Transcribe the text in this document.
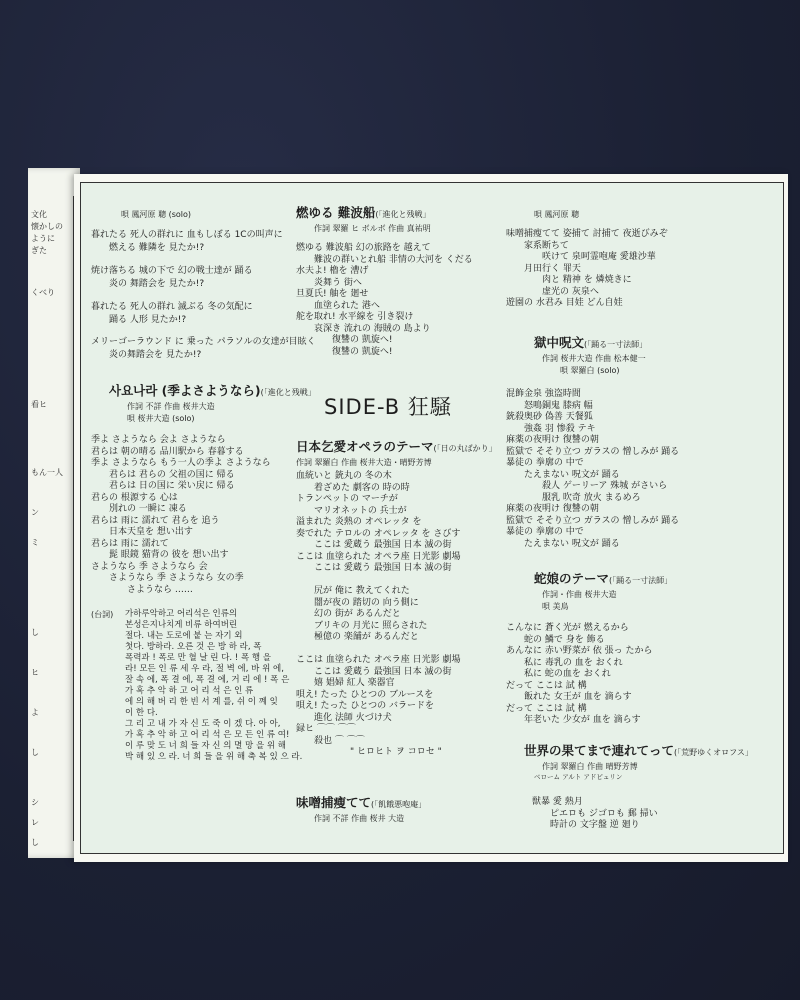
文化
懐かしの
ように
ぎた
くべり
看ヒ
もん一人
ン
ミ
し
ヒ
よ
し
シ
レ
し

唄 鳳河原 聰 (solo)

暮れたる 死人の群れに 血もしぼる 1Cの叫声に

燃える 難隣を 見たか!?

焼け落ちる 城の下で 幻の戦士達が 踊る

炎の 舞踏会を 見たか!?

暮れたる 死人の群れ 滅ぶる 冬の気配に

踊る 人形 見たか!?

メリーゴーラウンド に 乗った パラソルの女達が目眩く

炎の舞踏会を 見たか!?

사요나라 (季よさようなら)(「進化と残戦」

作詞 不詳 作曲 桜井大造

唄 桜井大造 (solo)

季よ さようなら 会よ さようなら

君らは 朝の晴る 品川駅から 春暮する

季よ さようなら もう一人の季よ さようなら

君らは 君らの 父祖の国に 帰る

君らは 日の国に 栄い戻に 帰る

君らの 根源する 心は

別れの 一瞬に 凍る

君らは 雨に 濡れて 君らを 追う

日本天皇を 想い出す

君らは 雨に 濡れて

髭 眼鏡 猫背の 彼を 想い出す

さようなら 季 さようなら 会

さようなら 季 さようなら 女の季

さようなら ……

(台詞) 가하루악하고 어리석은 인류의

본성은지나치게 비류 하여버린

절다. 내는 도로에 붙 는 자기 외

첫다. 방하라. 오른 것 은 방 하 라, 폭

폭력과 ! 폭로 만 혈 날 린 다. ! 폭 행 을

라! 모든 인 류 세 우 라, 절 벽 에, 바 위 에,

잘 속 에, 폭 결 에, 폭 결 에, 거 리 에 ! 폭 은

가 혹 추 악 하 고 어 리 석 은 인 류

에 의 해 버 리 한 빈 서 계 를, 쉬 이 꼐 잊

이 한 다.

그 리 고 내 가 자 신 도 죽 이 겠 다. 아 아,

가 혹 추 악 하 고 어 리 석 은 모 든 인 류 여!

이 루 맞 도 너 희 들 자 신 의 멸 망 을 위 해

박 해 있 으 라. 너 희 들 을 위 해 축 복 있 으 라.

燃ゆる 難波船(「進化と残戦」

作詞 翠羅 ヒ ボルボ 作曲 真祐明

燃ゆる 難波船 幻の旅路を 越えて

難波の群いとれ船 非情の大河を くだる

水夫よ! 櫓を 漕げ

炎舞う 街へ

旦夏氏! 舳を 廻せ

血塗られた 港へ

舵を取れ! 水平線を 引き裂け

哀深き 流れの 海賊の 島より

復讐の 凱旋へ!

復讐の 凱旋へ!

SIDE-B 狂騒

日本乞愛オペラのテーマ(「日の丸ばかり」

作詞 翠羅白 作曲 桜井大造・晴野芳博

血統いと 銃丸の 冬の木

着ざめた 劇客の 時の時

トランペットの マーチが

マリオネットの 兵士が

溢まれた 炎熱の オペレッタ を

奏でれた テロルの オペレッタ を さびす

ここは 愛蔵う 最強国 日本 滅の街

ここは 血塗られた オペラ座 日光影 劇場

ここは 愛蔵う 最強国 日本 滅の街

尻が 俺に 教えてくれた

闇が夜の 踏切の 向う側に

幻の 街が あるんだと

ブリキの 月光に 照らされた

極億の 楽舗が あるんだと

ここは 血塗られた オペラ座 日光影 劇場

ここは 愛蔵う 最強国 日本 滅の街

嬉 娼婦 紅人 楽器官

唄え! たった ひとつの ブルースを

唄え! たった ひとつの バラードを

進化 法師 火づけ犬

録ヒ ⌒⌒ ⌒⌒

殺也 ⌒ ⌒⌒

" ヒロヒト ヲ コロセ "

味噌捕瘦てて(「飢餓悪咆庵」

作詞 不詳 作曲 桜井 大造

唄 鳳河原 聰

味噌捕瘦てて 姿捕て 討捕て 夜逝びみぞ

家系断ちて

咲けて 泉呵霊咆庵 愛雄沙華

月田行く 罪天

肉と 精神 を 燐焼きに

虚光の 灰泉へ

遊園の 水君み 目娃 どん自娃

獄中呪文(「踊る一寸法師」

作詞 桜井大造 作曲 松本健一

唄 翠羅白 (solo)

混飾金泉 強盗時間

怒鳴銅鬼 膝病 幅

銃殺奥砂 偽善 天餐狐

強姦 羽 惨殺 テキ

麻薬の夜明け 復讐の朝

監獄で そそり立つ ガラスの 憎しみが 踊る

暴徒の 拳廓の 中で

たえまない 呪文が 踊る

殺人 ゲーリーア 殊城 がさいら

服乳 吹奇 放火 まるめろ

麻薬の夜明け 復讐の朝

監獄で そそり立つ ガラスの 憎しみが 踊る

暴徒の 拳廓の 中で

たえまない 呪文が 踊る

蛇娘のテーマ(「踊る一寸法師」

作詞・作曲 桜井大造

唄 美鳥

こんなに 蒼く光が 燃えるから

蛇の 鱗で 身を 飾る

あんなに 赤い野菜が 依 張っ たから

私に 毒乳の 血を おくれ

私に 蛇の血を おくれ

だって ここは 試 構

飯れた 女王が 血を 滴らす

だって ここは 試 構

年老いた 少女が 血を 滴らす

世界の果てまで連れてって(「荒野ゆくオロフス」

作詞 翠羅白 作曲 晴野芳博

ベローム アルト アドピュリン

獣暴 愛 熱月

ピエロも ジゴロも 郵 掃い

時計の 文字盤 逆 廻り
